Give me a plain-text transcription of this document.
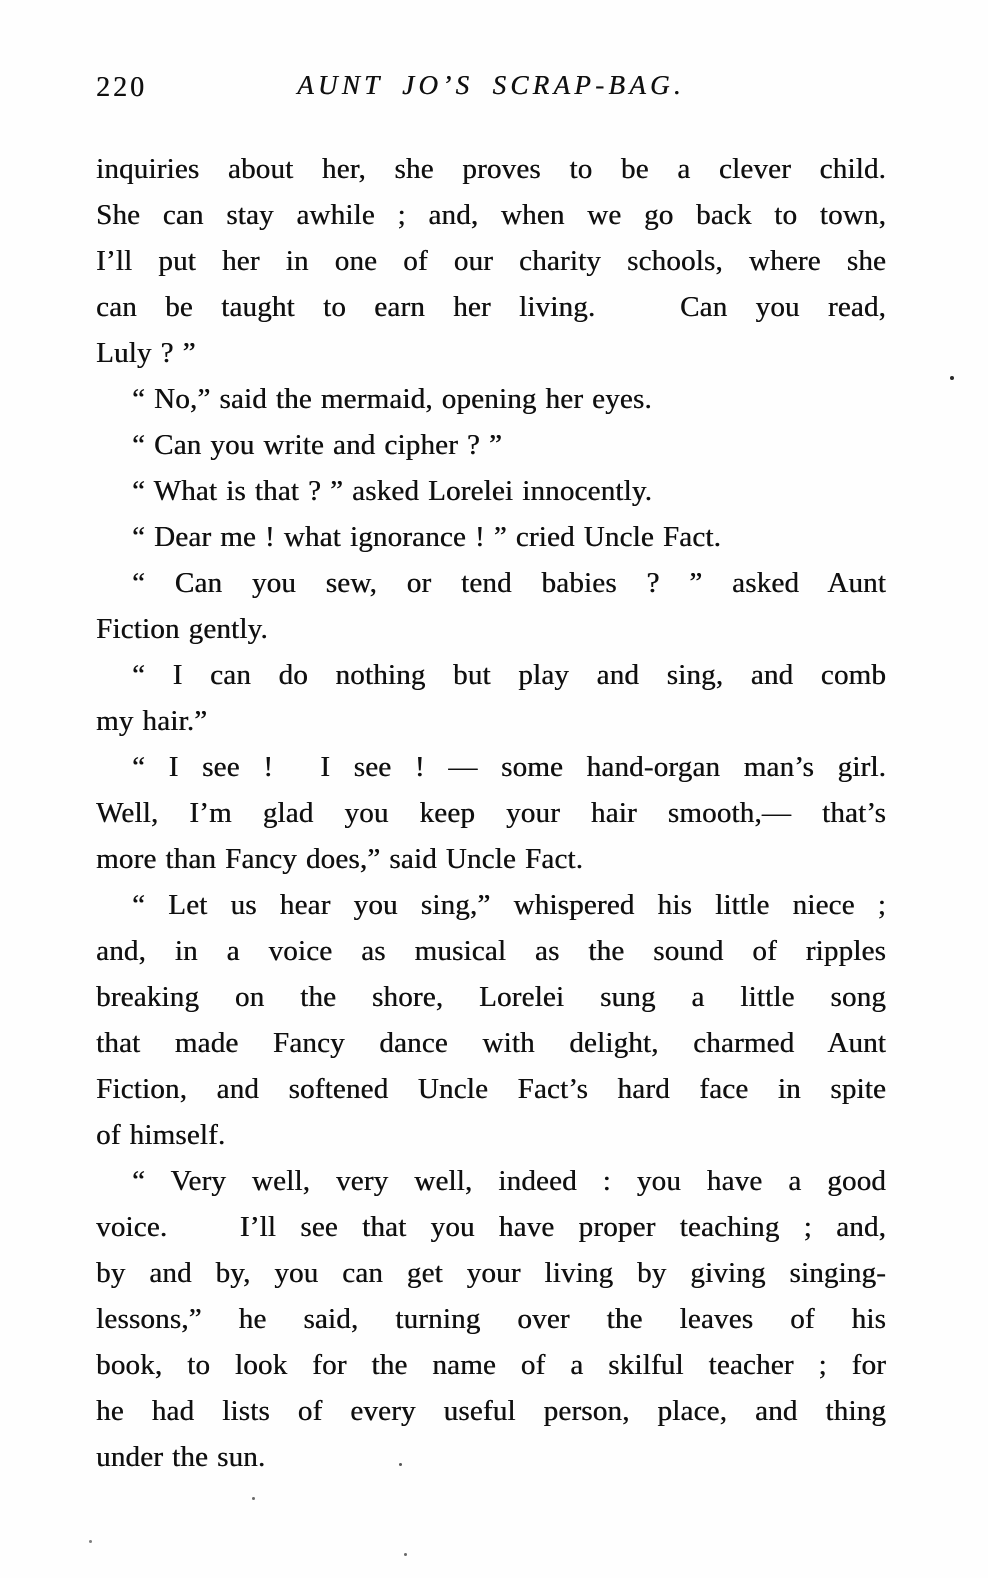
220	AUNT JO’S SCRAP-BAG.
inquiries about her, she proves to be a clever child.
She can stay awhile ; and, when we go back to town,
I’ll put her in one of our charity schools, where she
can be taught to earn her living.   Can you read,
Luly ? ”
“ No,” said the mermaid, opening her eyes.
“ Can you write and cipher ? ”
“ What is that ? ” asked Lorelei innocently.
“ Dear me ! what ignorance ! ” cried Uncle Fact.
“ Can you sew, or tend babies ? ” asked Aunt
Fiction gently.
“ I can do nothing but play and sing, and comb
my hair.”
“ I see !  I see ! — some hand-organ man’s girl.
Well, I’m glad you keep your hair smooth,— that’s
more than Fancy does,” said Uncle Fact.
“ Let us hear you sing,” whispered his little niece ;
and, in a voice as musical as the sound of ripples
breaking on the shore, Lorelei sung a little song
that made Fancy dance with delight, charmed Aunt
Fiction, and softened Uncle Fact’s hard face in spite
of himself.
“ Very well, very well, indeed : you have a good
voice.   I’ll see that you have proper teaching ; and,
by and by, you can get your living by giving singing-
lessons,” he said, turning over the leaves of his
book, to look for the name of a skilful teacher ; for
he had lists of every useful person, place, and thing
under the sun.
